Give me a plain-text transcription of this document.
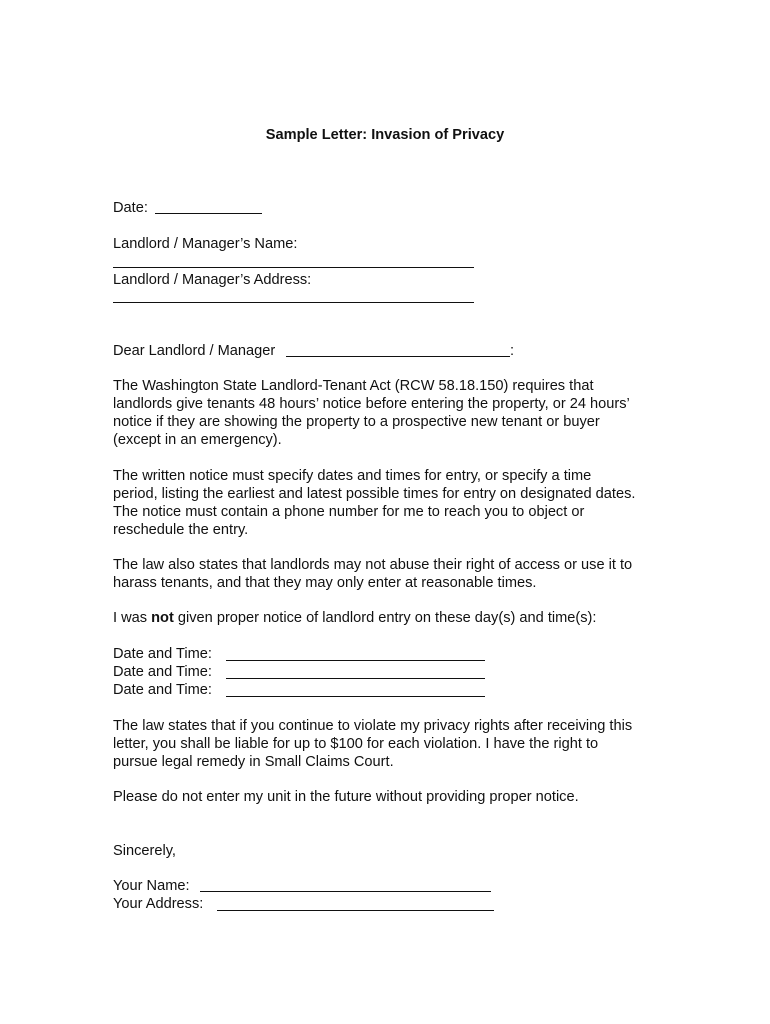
Sample Letter: Invasion of Privacy
Date:
Landlord / Manager’s Name:
Landlord / Manager’s Address:
Dear Landlord / Manager	:
The Washington State Landlord-Tenant Act (RCW 58.18.150) requires that
landlords give tenants 48 hours’ notice before entering the property, or 24 hours’
notice if they are showing the property to a prospective new tenant or buyer
(except in an emergency).
The written notice must specify dates and times for entry, or specify a time
period, listing the earliest and latest possible times for entry on designated dates.
The notice must contain a phone number for me to reach you to object or
reschedule the entry.
The law also states that landlords may not abuse their right of access or use it to
harass tenants, and that they may only enter at reasonable times.
I was not given proper notice of landlord entry on these day(s) and time(s):
Date and Time:
Date and Time:
Date and Time:
The law states that if you continue to violate my privacy rights after receiving this
letter, you shall be liable for up to $100 for each violation. I have the right to
pursue legal remedy in Small Claims Court.
Please do not enter my unit in the future without providing proper notice.
Sincerely,
Your Name:
Your Address:
